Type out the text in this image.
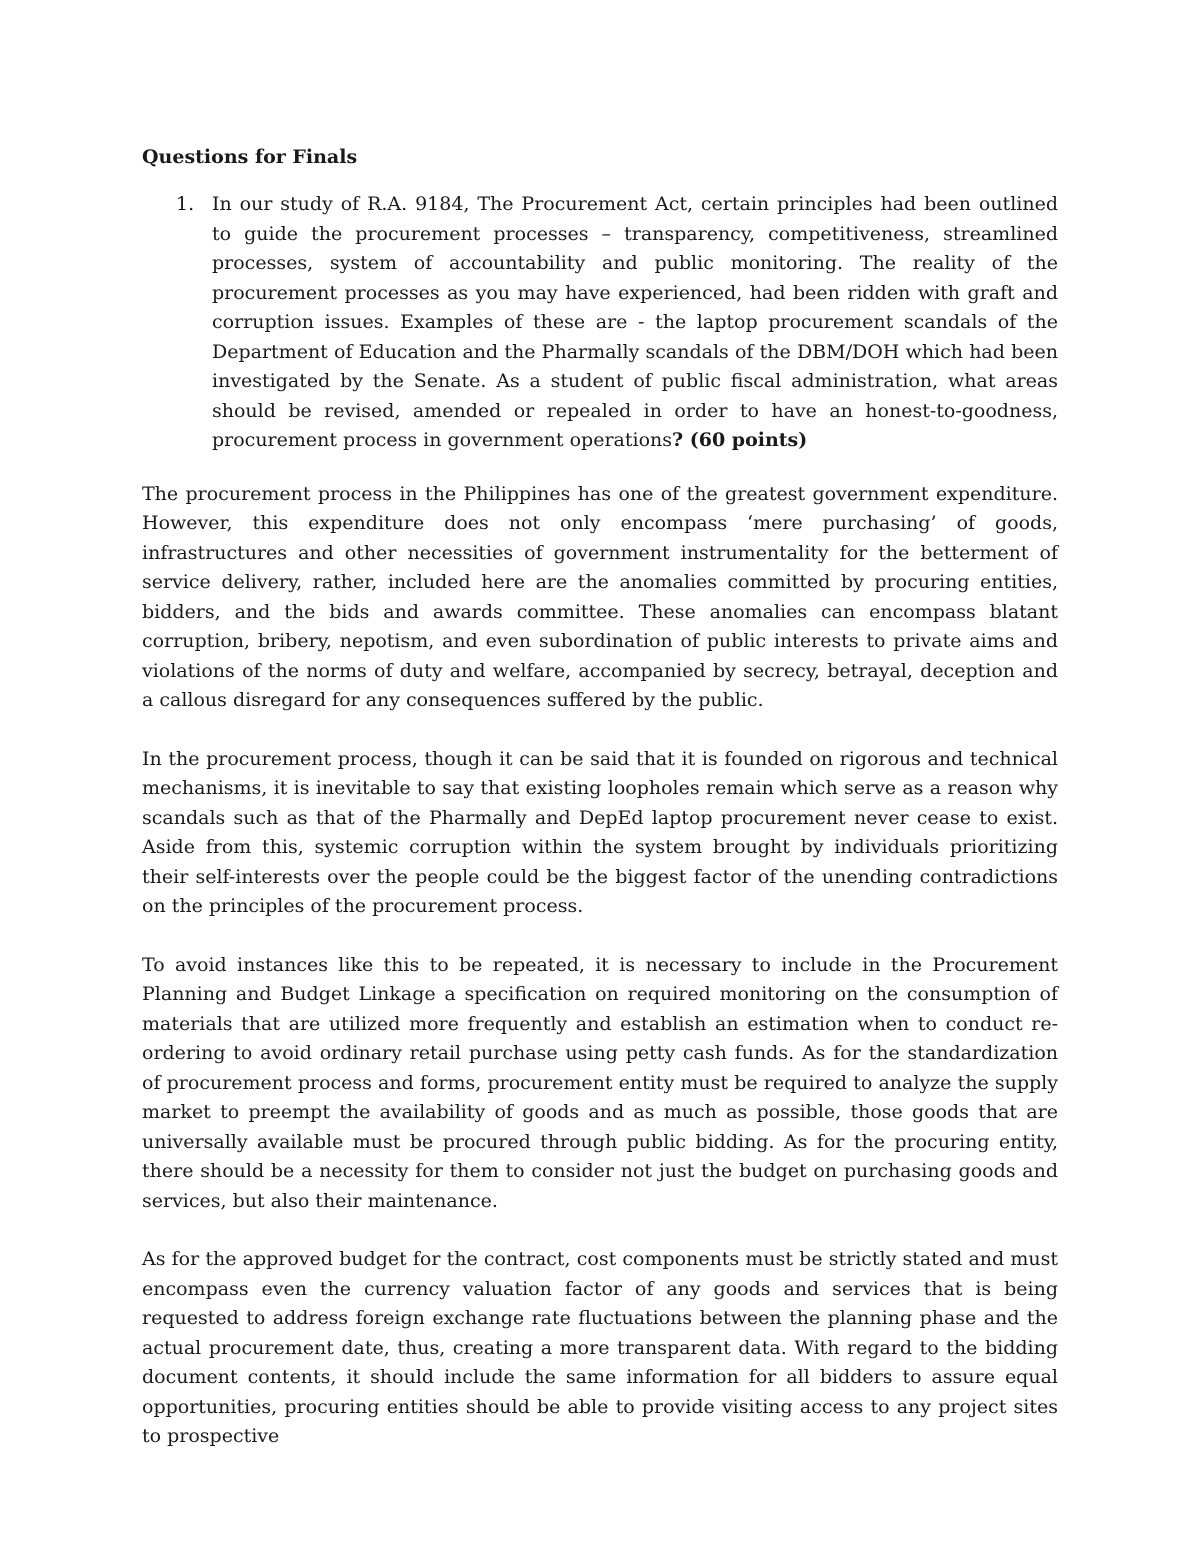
Questions for Finals
1. In our study of R.A. 9184, The Procurement Act, certain principles had been outlined to guide the procurement processes – transparency, competitiveness, streamlined processes, system of accountability and public monitoring. The reality of the procurement processes as you may have experienced, had been ridden with graft and corruption issues. Examples of these are - the laptop procurement scandals of the Department of Education and the Pharmally scandals of the DBM/DOH which had been investigated by the Senate. As a student of public fiscal administration, what areas should be revised, amended or repealed in order to have an honest-to-goodness, procurement process in government operations? (60 points)

The procurement process in the Philippines has one of the greatest government expenditure. However, this expenditure does not only encompass ‘mere purchasing’ of goods, infrastructures and other necessities of government instrumentality for the betterment of service delivery, rather, included here are the anomalies committed by procuring entities, bidders, and the bids and awards committee. These anomalies can encompass blatant corruption, bribery, nepotism, and even subordination of public interests to private aims and violations of the norms of duty and welfare, accompanied by secrecy, betrayal, deception and a callous disregard for any consequences suffered by the public.

In the procurement process, though it can be said that it is founded on rigorous and technical mechanisms, it is inevitable to say that existing loopholes remain which serve as a reason why scandals such as that of the Pharmally and DepEd laptop procurement never cease to exist. Aside from this, systemic corruption within the system brought by individuals prioritizing their self-interests over the people could be the biggest factor of the unending contradictions on the principles of the procurement process.

To avoid instances like this to be repeated, it is necessary to include in the Procurement Planning and Budget Linkage a specification on required monitoring on the consumption of materials that are utilized more frequently and establish an estimation when to conduct re-ordering to avoid ordinary retail purchase using petty cash funds. As for the standardization of procurement process and forms, procurement entity must be required to analyze the supply market to preempt the availability of goods and as much as possible, those goods that are universally available must be procured through public bidding. As for the procuring entity, there should be a necessity for them to consider not just the budget on purchasing goods and services, but also their maintenance.

As for the approved budget for the contract, cost components must be strictly stated and must encompass even the currency valuation factor of any goods and services that is being requested to address foreign exchange rate fluctuations between the planning phase and the actual procurement date, thus, creating a more transparent data. With regard to the bidding document contents, it should include the same information for all bidders to assure equal opportunities, procuring entities should be able to provide visiting access to any project sites to prospective
